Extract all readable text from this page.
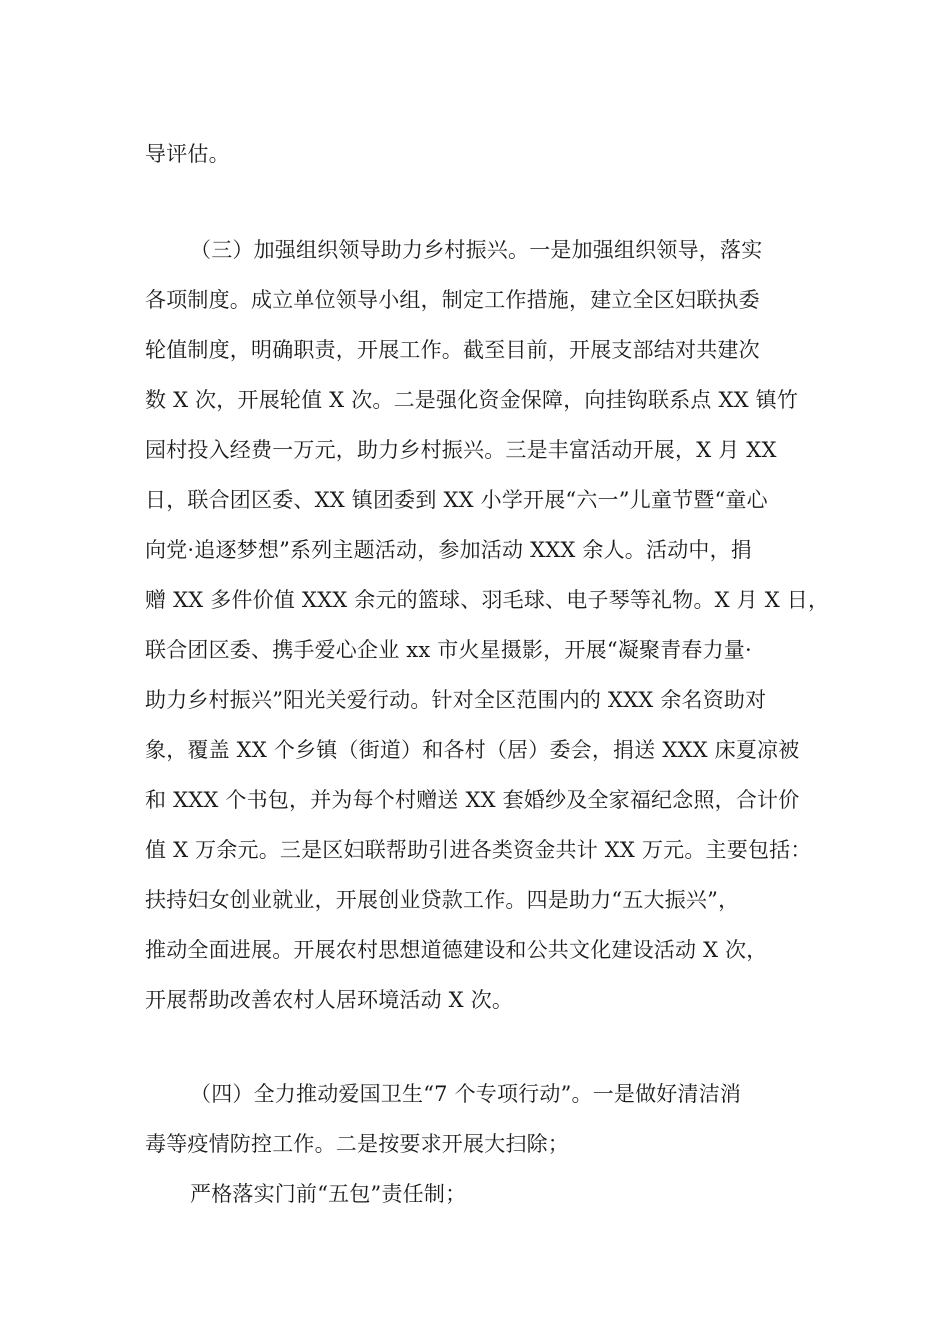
导评估。
（三）加强组织领导助力乡村振兴。一是加强组织领导，落实
各项制度。成立单位领导小组，制定工作措施，建立全区妇联执委
轮值制度，明确职责，开展工作。截至目前，开展支部结对共建次
数 X 次，开展轮值 X 次。二是强化资金保障，向挂钩联系点 XX 镇竹
园村投入经费一万元，助力乡村振兴。三是丰富活动开展，X 月 XX
日，联合团区委、XX 镇团委到 XX 小学开展“六一”儿童节暨“童心
向党·追逐梦想”系列主题活动，参加活动 XXX 余人。活动中，捐
赠 XX 多件价值 XXX 余元的篮球、羽毛球、电子琴等礼物。X 月 X 日，
联合团区委、携手爱心企业 xx 市火星摄影，开展“凝聚青春力量·
助力乡村振兴”阳光关爱行动。针对全区范围内的 XXX 余名资助对
象，覆盖 XX 个乡镇（街道）和各村（居）委会，捐送 XXX 床夏凉被
和 XXX 个书包，并为每个村赠送 XX 套婚纱及全家福纪念照，合计价
值 X 万余元。三是区妇联帮助引进各类资金共计 XX 万元。主要包括：
扶持妇女创业就业，开展创业贷款工作。四是助力“五大振兴”，
推动全面进展。开展农村思想道德建设和公共文化建设活动 X 次，
开展帮助改善农村人居环境活动 X 次。
（四）全力推动爱国卫生“7 个专项行动”。一是做好清洁消
毒等疫情防控工作。二是按要求开展大扫除；
严格落实门前“五包”责任制；
